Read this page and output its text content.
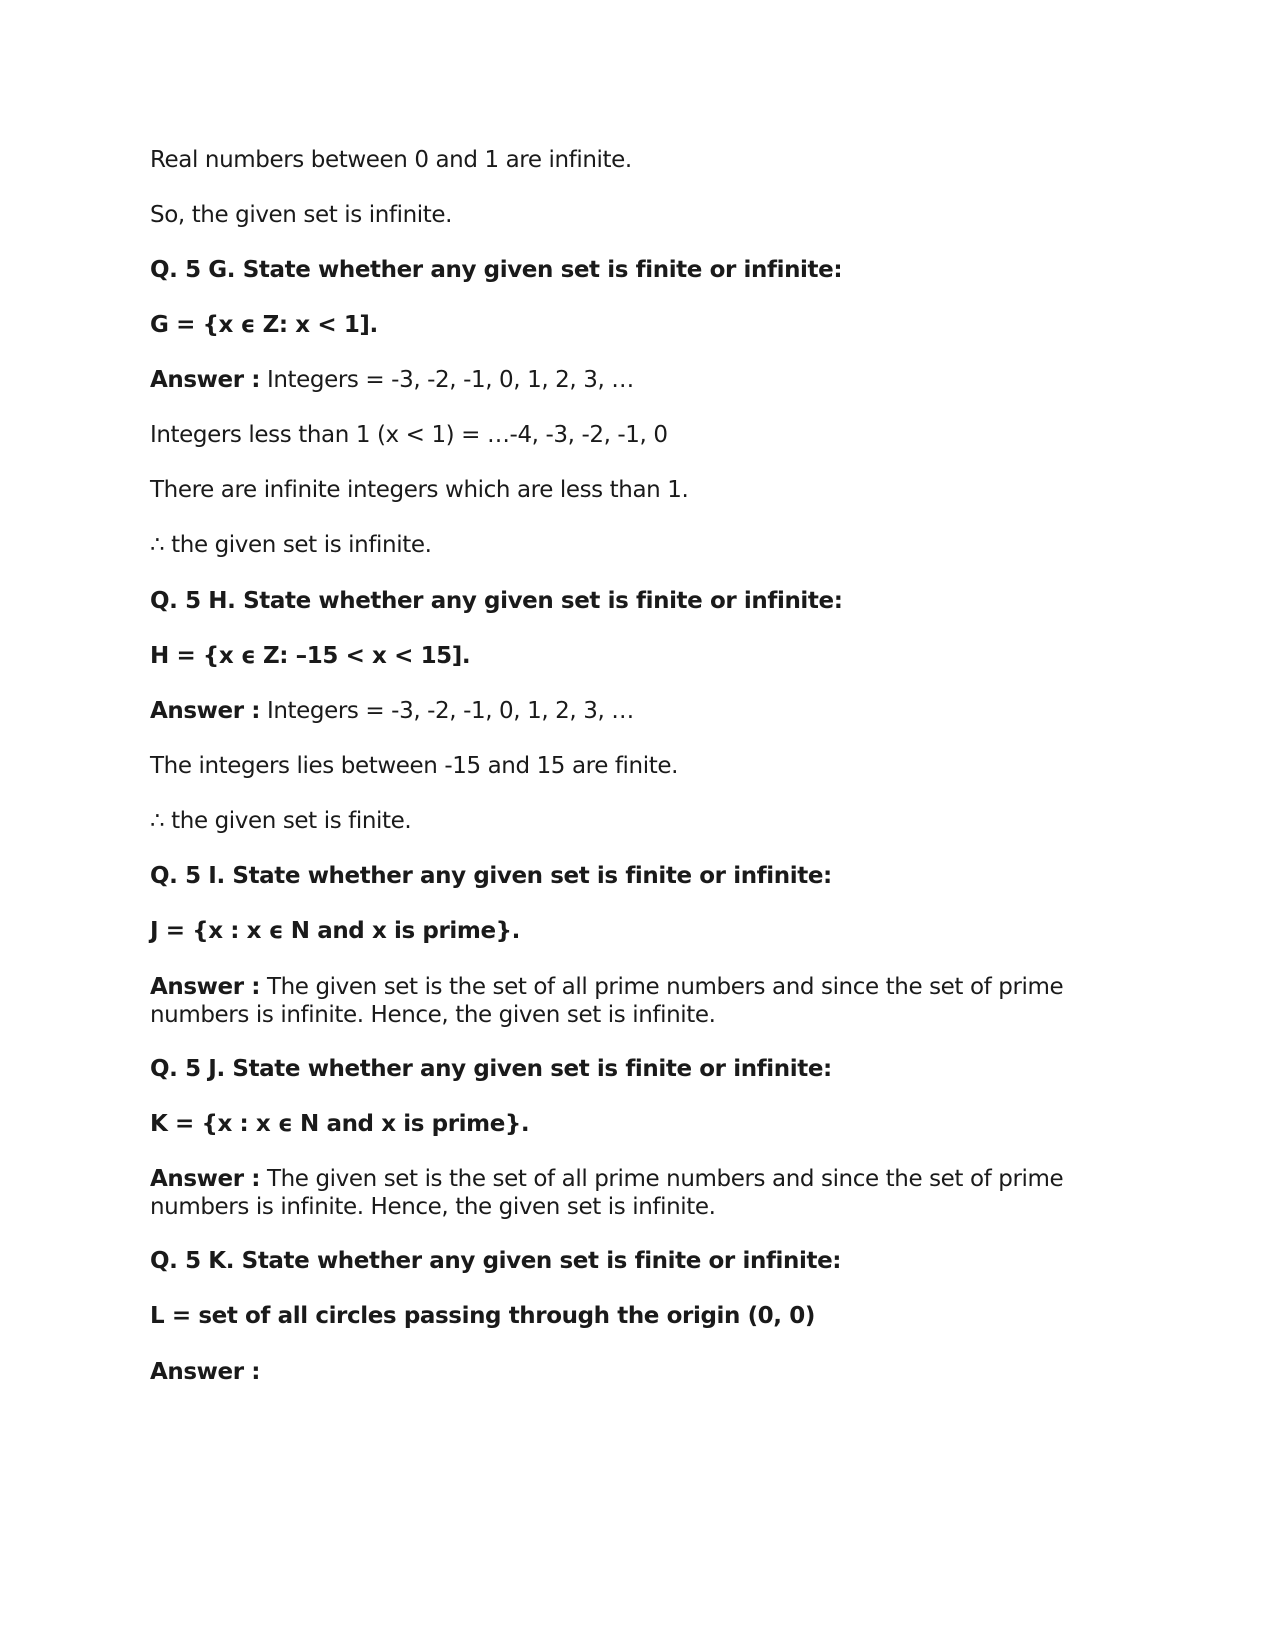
Real numbers between 0 and 1 are infinite.
So, the given set is infinite.
Q. 5 G. State whether any given set is finite or infinite:
G = {x ϵ Z: x < 1].
Answer : Integers = -3, -2, -1, 0, 1, 2, 3, …
Integers less than 1 (x < 1) = …-4, -3, -2, -1, 0
There are infinite integers which are less than 1.
∴ the given set is infinite.
Q. 5 H. State whether any given set is finite or infinite:
H = {x ϵ Z: –15 < x < 15].
Answer : Integers = -3, -2, -1, 0, 1, 2, 3, …
The integers lies between -15 and 15 are finite.
∴ the given set is finite.
Q. 5 I. State whether any given set is finite or infinite:
J = {x : x ϵ N and x is prime}.
Answer : The given set is the set of all prime numbers and since the set of prime numbers is infinite. Hence, the given set is infinite.
Q. 5 J. State whether any given set is finite or infinite:
K = {x : x ϵ N and x is prime}.
Answer : The given set is the set of all prime numbers and since the set of prime numbers is infinite. Hence, the given set is infinite.
Q. 5 K. State whether any given set is finite or infinite:
L = set of all circles passing through the origin (0, 0)
Answer :
